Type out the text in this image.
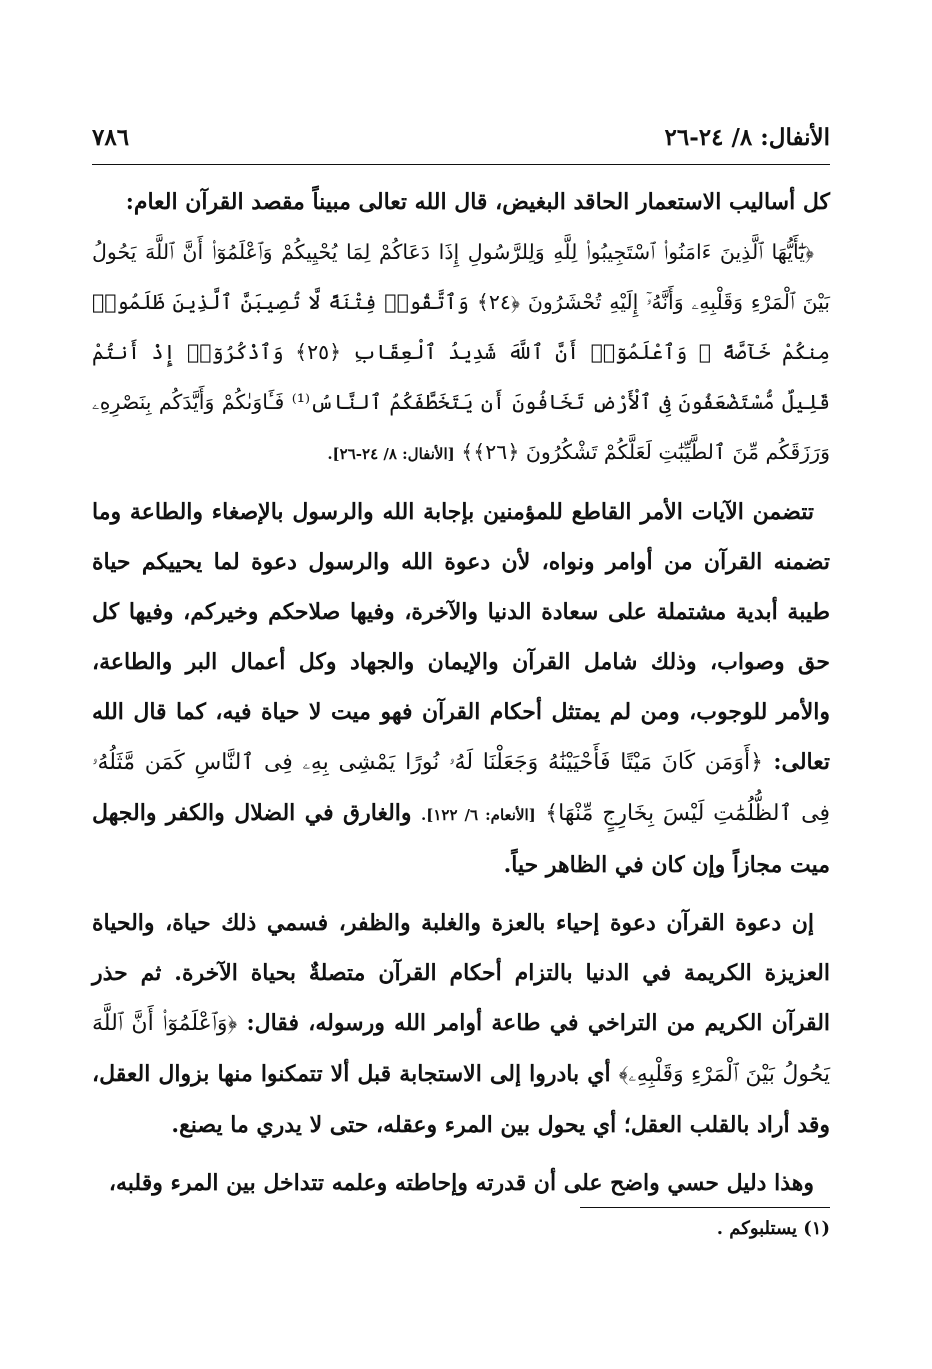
الأنفال: ٨/ ٢٤-٢٦
٧٨٦

كل أساليب الاستعمار الحاقد البغيض، قال الله تعالى مبيناً مقصد القرآن العام:

﴿يَٰٓأَيُّهَا ٱلَّذِينَ ءَامَنُوا۟ ٱسْتَجِيبُوا۟ لِلَّهِ وَلِلرَّسُولِ إِذَا دَعَاكُمْ لِمَا يُحْيِيكُمْ وَٱعْلَمُوٓا۟ أَنَّ ٱللَّهَ يَحُولُ بَيْنَ ٱلْمَرْءِ وَقَلْبِهِۦ وَأَنَّهُۥٓ إِلَيْهِ تُحْشَرُونَ ﴿٢٤﴾ وَٱتَّقُوا۟ فِتْنَةً لَّا تُصِيبَنَّ ٱلَّذِينَ ظَلَمُوا۟ مِنكُمْ خَآصَّةً ۖ وَٱعْلَمُوٓا۟ أَنَّ ٱللَّهَ شَدِيدُ ٱلْعِقَابِ ﴿٢٥﴾ وَٱذْكُرُوٓا۟ إِذْ أَنتُمْ قَلِيلٌ مُّسْتَضْعَفُونَ فِى ٱلْأَرْضِ تَخَافُونَ أَن يَتَخَطَّفَكُمُ ٱلنَّاسُ⁽¹⁾ فَـَٔاوَىٰكُمْ وَأَيَّدَكُم بِنَصْرِهِۦ وَرَزَقَكُم مِّنَ ٱلطَّيِّبَٰتِ لَعَلَّكُمْ تَشْكُرُونَ ﴿٢٦﴾﴾ [الأنفال: ٨/ ٢٤-٢٦].

تتضمن الآيات الأمر القاطع للمؤمنين بإجابة الله والرسول بالإصغاء والطاعة وما تضمنه القرآن من أوامر ونواه، لأن دعوة الله والرسول دعوة لما يحييكم حياة طيبة أبدية مشتملة على سعادة الدنيا والآخرة، وفيها صلاحكم وخيركم، وفيها كل حق وصواب، وذلك شامل القرآن والإيمان والجهاد وكل أعمال البر والطاعة، والأمر للوجوب، ومن لم يمتثل أحكام القرآن فهو ميت لا حياة فيه، كما قال الله تعالى: ﴿أَوَمَن كَانَ مَيْتًا فَأَحْيَيْنَٰهُ وَجَعَلْنَا لَهُۥ نُورًا يَمْشِى بِهِۦ فِى ٱلنَّاسِ كَمَن مَّثَلُهُۥ فِى ٱلظُّلُمَٰتِ لَيْسَ بِخَارِجٍ مِّنْهَا﴾ [الأنعام: ٦/ ١٢٢]. والغارق في الضلال والكفر والجهل ميت مجازاً وإن كان في الظاهر حياً.

إن دعوة القرآن دعوة إحياء بالعزة والغلبة والظفر، فسمي ذلك حياة، والحياة العزيزة الكريمة في الدنيا بالتزام أحكام القرآن متصلةٌ بحياة الآخرة. ثم حذر القرآن الكريم من التراخي في طاعة أوامر الله ورسوله، فقال: ﴿وَٱعْلَمُوٓا۟ أَنَّ ٱللَّهَ يَحُولُ بَيْنَ ٱلْمَرْءِ وَقَلْبِهِۦ﴾ أي بادروا إلى الاستجابة قبل ألا تتمكنوا منها بزوال العقل، وقد أراد بالقلب العقل؛ أي يحول بين المرء وعقله، حتى لا يدري ما يصنع.

وهذا دليل حسي واضح على أن قدرته وإحاطته وعلمه تتداخل بين المرء وقلبه،

(١) يستلبوكم .
